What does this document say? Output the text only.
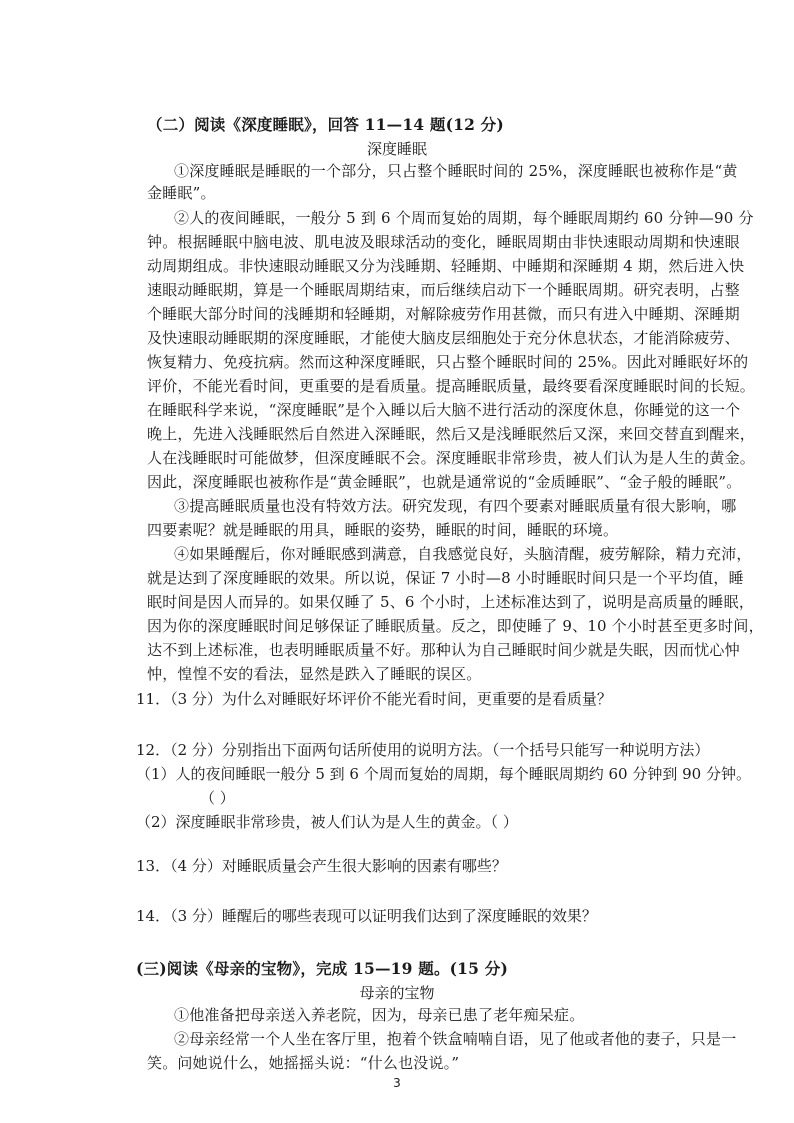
（二）阅读《深度睡眠》，回答 11—14 题(12 分)
深度睡眠
①深度睡眠是睡眠的一个部分，只占整个睡眠时间的 25%，深度睡眠也被称作是“黄
金睡眠”。
②人的夜间睡眠，一般分 5 到 6 个周而复始的周期，每个睡眠周期约 60 分钟—90 分
钟。根据睡眠中脑电波、肌电波及眼球活动的变化，睡眠周期由非快速眼动周期和快速眼
动周期组成。非快速眼动睡眠又分为浅睡期、轻睡期、中睡期和深睡期 4 期，然后进入快
速眼动睡眠期，算是一个睡眠周期结束，而后继续启动下一个睡眠周期。研究表明，占整
个睡眠大部分时间的浅睡期和轻睡期，对解除疲劳作用甚微，而只有进入中睡期、深睡期
及快速眼动睡眠期的深度睡眠，才能使大脑皮层细胞处于充分休息状态，才能消除疲劳、
恢复精力、免疫抗病。然而这种深度睡眠，只占整个睡眠时间的 25%。因此对睡眠好坏的
评价，不能光看时间，更重要的是看质量。提高睡眠质量，最终要看深度睡眠时间的长短。
在睡眠科学来说，“深度睡眠”是个入睡以后大脑不进行活动的深度休息，你睡觉的这一个
晚上，先进入浅睡眠然后自然进入深睡眠，然后又是浅睡眠然后又深，来回交替直到醒来，
人在浅睡眠时可能做梦，但深度睡眠不会。深度睡眠非常珍贵，被人们认为是人生的黄金。
因此，深度睡眠也被称作是“黄金睡眠”，也就是通常说的“金质睡眠”、“金子般的睡眠”。
③提高睡眠质量也没有特效方法。研究发现，有四个要素对睡眠质量有很大影响，哪
四要素呢？就是睡眠的用具，睡眠的姿势，睡眠的时间，睡眠的环境。
④如果睡醒后，你对睡眠感到满意，自我感觉良好，头脑清醒，疲劳解除，精力充沛，
就是达到了深度睡眠的效果。所以说，保证 7 小时—8 小时睡眠时间只是一个平均值，睡
眠时间是因人而异的。如果仅睡了 5、6 个小时，上述标准达到了，说明是高质量的睡眠，
因为你的深度睡眠时间足够保证了睡眠质量。反之，即使睡了 9、10 个小时甚至更多时间，
达不到上述标准，也表明睡眠质量不好。那种认为自己睡眠时间少就是失眠，因而忧心忡
忡，惶惶不安的看法，显然是跌入了睡眠的误区。
11．（3 分）为什么对睡眠好坏评价不能光看时间，更重要的是看质量？
12．（2 分）分别指出下面两句话所使用的说明方法。（一个括号只能写一种说明方法）
（1）人的夜间睡眠一般分 5 到 6 个周而复始的周期，每个睡眠周期约 60 分钟到 90 分钟。
（ ）
（2）深度睡眠非常珍贵，被人们认为是人生的黄金。（ ）
13．（4 分）对睡眠质量会产生很大影响的因素有哪些？
14．（3 分）睡醒后的哪些表现可以证明我们达到了深度睡眠的效果？
(三)阅读《母亲的宝物》，完成 15—19 题。(15 分)
母亲的宝物
①他准备把母亲送入养老院，因为，母亲已患了老年痴呆症。
②母亲经常一个人坐在客厅里，抱着个铁盒喃喃自语，见了他或者他的妻子，只是一
笑。问她说什么，她摇摇头说：“什么也没说。”
3
